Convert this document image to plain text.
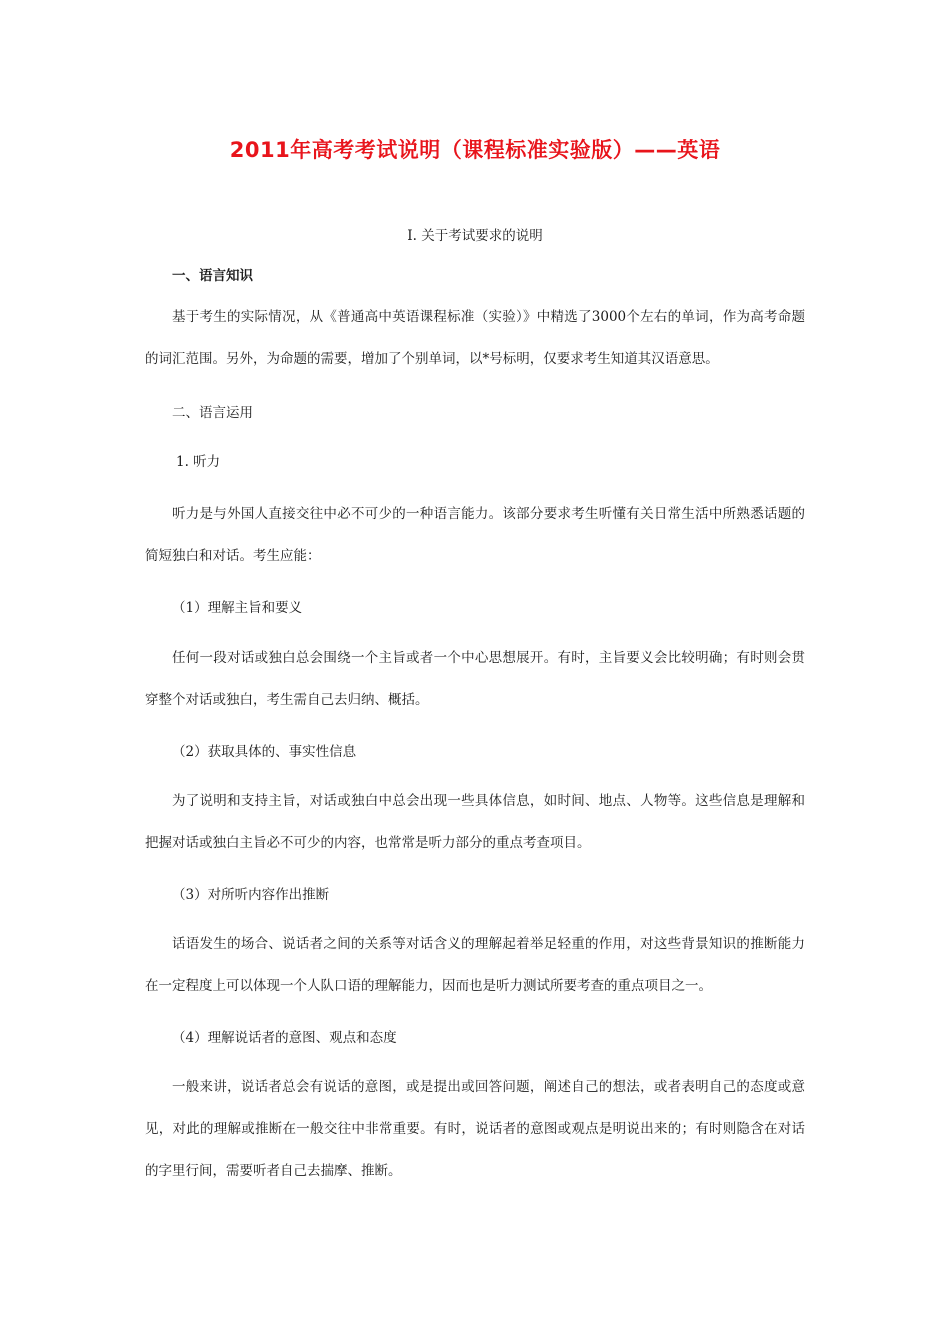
2011年高考考试说明（课程标准实验版）——英语
Ⅰ. 关于考试要求的说明
一、语言知识
基于考生的实际情况，从《普通高中英语课程标准（实验）》中精选了3000个左右的单词，作为高考命题的词汇范围。另外，为命题的需要，增加了个别单词，以*号标明，仅要求考生知道其汉语意思。
二、语言运用
1. 听力
听力是与外国人直接交往中必不可少的一种语言能力。该部分要求考生听懂有关日常生活中所熟悉话题的简短独白和对话。考生应能：
（1）理解主旨和要义
任何一段对话或独白总会围绕一个主旨或者一个中心思想展开。有时，主旨要义会比较明确；有时则会贯穿整个对话或独白，考生需自己去归纳、概括。
（2）获取具体的、事实性信息
为了说明和支持主旨，对话或独白中总会出现一些具体信息，如时间、地点、人物等。这些信息是理解和把握对话或独白主旨必不可少的内容，也常常是听力部分的重点考查项目。
（3）对所听内容作出推断
话语发生的场合、说话者之间的关系等对话含义的理解起着举足轻重的作用，对这些背景知识的推断能力在一定程度上可以体现一个人队口语的理解能力，因而也是听力测试所要考查的重点项目之一。
（4）理解说话者的意图、观点和态度
一般来讲，说话者总会有说话的意图，或是提出或回答问题，阐述自己的想法，或者表明自己的态度或意见，对此的理解或推断在一般交往中非常重要。有时，说话者的意图或观点是明说出来的；有时则隐含在对话的字里行间，需要听者自己去揣摩、推断。
